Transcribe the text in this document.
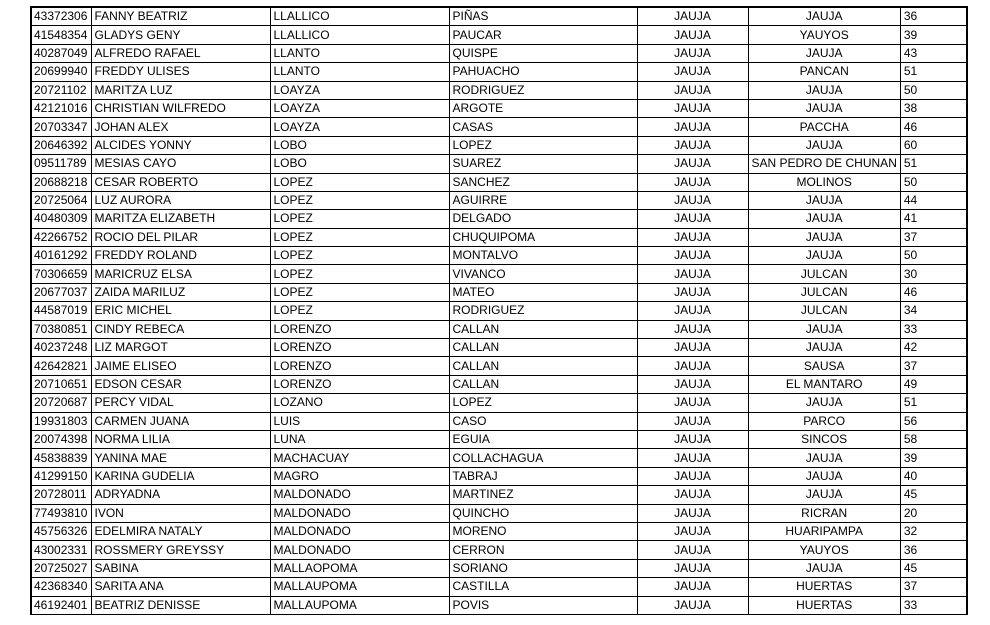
43372306	FANNY BEATRIZ	LLALLICO	PIÑAS	JAUJA	JAUJA	36
41548354	GLADYS GENY	LLALLICO	PAUCAR	JAUJA	YAUYOS	39
40287049	ALFREDO RAFAEL	LLANTO	QUISPE	JAUJA	JAUJA	43
20699940	FREDDY ULISES	LLANTO	PAHUACHO	JAUJA	PANCAN	51
20721102	MARITZA LUZ	LOAYZA	RODRIGUEZ	JAUJA	JAUJA	50
42121016	CHRISTIAN WILFREDO	LOAYZA	ARGOTE	JAUJA	JAUJA	38
20703347	JOHAN ALEX	LOAYZA	CASAS	JAUJA	PACCHA	46
20646392	ALCIDES YONNY	LOBO	LOPEZ	JAUJA	JAUJA	60
09511789	MESIAS CAYO	LOBO	SUAREZ	JAUJA	SAN PEDRO DE CHUNAN	51
20688218	CESAR ROBERTO	LOPEZ	SANCHEZ	JAUJA	MOLINOS	50
20725064	LUZ AURORA	LOPEZ	AGUIRRE	JAUJA	JAUJA	44
40480309	MARITZA ELIZABETH	LOPEZ	DELGADO	JAUJA	JAUJA	41
42266752	ROCIO DEL PILAR	LOPEZ	CHUQUIPOMA	JAUJA	JAUJA	37
40161292	FREDDY ROLAND	LOPEZ	MONTALVO	JAUJA	JAUJA	50
70306659	MARICRUZ ELSA	LOPEZ	VIVANCO	JAUJA	JULCAN	30
20677037	ZAIDA MARILUZ	LOPEZ	MATEO	JAUJA	JULCAN	46
44587019	ERIC MICHEL	LOPEZ	RODRIGUEZ	JAUJA	JULCAN	34
70380851	CINDY REBECA	LORENZO	CALLAN	JAUJA	JAUJA	33
40237248	LIZ MARGOT	LORENZO	CALLAN	JAUJA	JAUJA	42
42642821	JAIME ELISEO	LORENZO	CALLAN	JAUJA	SAUSA	37
20710651	EDSON CESAR	LORENZO	CALLAN	JAUJA	EL MANTARO	49
20720687	PERCY VIDAL	LOZANO	LOPEZ	JAUJA	JAUJA	51
19931803	CARMEN JUANA	LUIS	CASO	JAUJA	PARCO	56
20074398	NORMA LILIA	LUNA	EGUIA	JAUJA	SINCOS	58
45838839	YANINA MAE	MACHACUAY	COLLACHAGUA	JAUJA	JAUJA	39
41299150	KARINA GUDELIA	MAGRO	TABRAJ	JAUJA	JAUJA	40
20728011	ADRYADNA	MALDONADO	MARTINEZ	JAUJA	JAUJA	45
77493810	IVON	MALDONADO	QUINCHO	JAUJA	RICRAN	20
45756326	EDELMIRA NATALY	MALDONADO	MORENO	JAUJA	HUARIPAMPA	32
43002331	ROSSMERY GREYSSY	MALDONADO	CERRON	JAUJA	YAUYOS	36
20725027	SABINA	MALLAOPOMA	SORIANO	JAUJA	JAUJA	45
42368340	SARITA ANA	MALLAUPOMA	CASTILLA	JAUJA	HUERTAS	37
46192401	BEATRIZ DENISSE	MALLAUPOMA	POVIS	JAUJA	HUERTAS	33
